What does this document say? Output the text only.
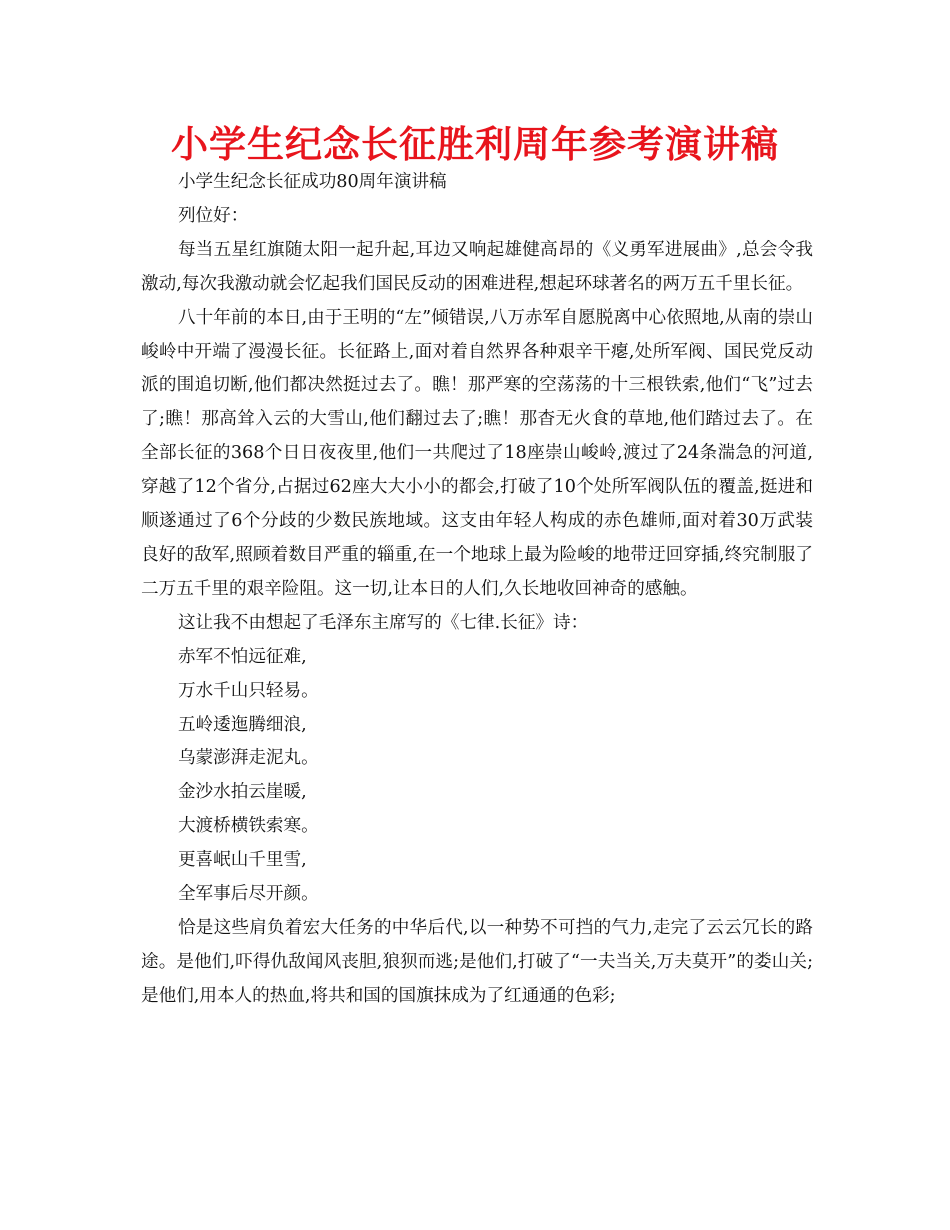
小学生纪念长征胜利周年参考演讲稿

小学生纪念长征成功80周年演讲稿

列位好：

每当五星红旗随太阳一起升起,耳边又响起雄健高昂的《义勇军进展曲》,总会令我激动,每次我激动就会忆起我们国民反动的困难进程,想起环球著名的两万五千里长征。

八十年前的本日,由于王明的“左”倾错误,八万赤军自愿脱离中心依照地,从南的崇山峻岭中开端了漫漫长征。长征路上,面对着自然界各种艰辛干瘪,处所军阀、国民党反动派的围追切断,他们都决然挺过去了。瞧！那严寒的空荡荡的十三根铁索,他们“飞”过去了;瞧！那高耸入云的大雪山,他们翻过去了;瞧！那杳无火食的草地,他们踏过去了。在全部长征的368个日日夜夜里,他们一共爬过了18座崇山峻岭,渡过了24条湍急的河道,穿越了12个省分,占据过62座大大小小的都会,打破了10个处所军阀队伍的覆盖,挺进和顺遂通过了6个分歧的少数民族地域。这支由年轻人构成的赤色雄师,面对着30万武装良好的敌军,照顾着数目严重的辎重,在一个地球上最为险峻的地带迂回穿插,终究制服了二万五千里的艰辛险阻。这一切,让本日的人们,久长地收回神奇的感触。

这让我不由想起了毛泽东主席写的《七律.长征》诗：

赤军不怕远征难,

万水千山只轻易。

五岭逶迤腾细浪,

乌蒙澎湃走泥丸。

金沙水拍云崖暖,

大渡桥横铁索寒。

更喜岷山千里雪,

全军事后尽开颜。

恰是这些肩负着宏大任务的中华后代,以一种势不可挡的气力,走完了云云冗长的路途。是他们,吓得仇敌闻风丧胆,狼狈而逃;是他们,打破了“一夫当关,万夫莫开”的娄山关;是他们,用本人的热血,将共和国的国旗抹成为了红通通的色彩;
